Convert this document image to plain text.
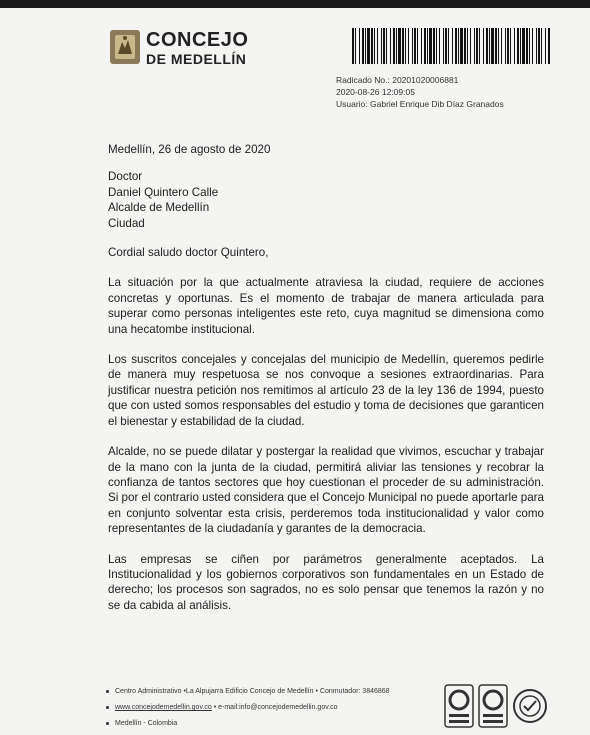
CONCEJO
DE MEDELLÍN
Radicado No.: 20201020006881
2020-08-26 12:09:05
Usuario: Gabriel Enrique Dib Díaz Granados

Medellín, 26 de agosto de 2020

Doctor

Daniel Quintero Calle

Alcalde de Medellín

Ciudad

Cordial saludo doctor Quintero,

La situación por la que actualmente atraviesa la ciudad, requiere de acciones concretas y oportunas. Es el momento de trabajar de manera articulada para superar como personas inteligentes este reto, cuya magnitud se dimensiona como una hecatombe institucional.

Los suscritos concejales y concejalas del municipio de Medellín, queremos pedirle de manera muy respetuosa se nos convoque a sesiones extraordinarias. Para justificar nuestra petición nos remitimos al artículo 23 de la ley 136 de 1994, puesto que con usted somos responsables del estudio y toma de decisiones que garanticen el bienestar y estabilidad de la ciudad.

Alcalde, no se puede dilatar y postergar la realidad que vivimos, escuchar y trabajar de la mano con la junta de la ciudad, permitirá aliviar las tensiones y recobrar la confianza de tantos sectores que hoy cuestionan el proceder de su administración. Si por el contrario usted considera que el Concejo Municipal no puede aportarle para en conjunto solventar esta crisis, perderemos toda institucionalidad y valor como representantes de la ciudadanía y garantes de la democracia.

Las empresas se ciñen por parámetros generalmente aceptados. La Institucionalidad y los gobiernos corporativos son fundamentales en un Estado de derecho; los procesos son sagrados, no es solo pensar que tenemos la razón y no se da cabida al análisis.

Centro Administrativo •La Alpujarra Edificio Concejo de Medellín • Conmutador: 3846868
www.concejodemedellin.gov.co • e-mail:info@concejodemedellin.gov.co
Medellín - Colombia
